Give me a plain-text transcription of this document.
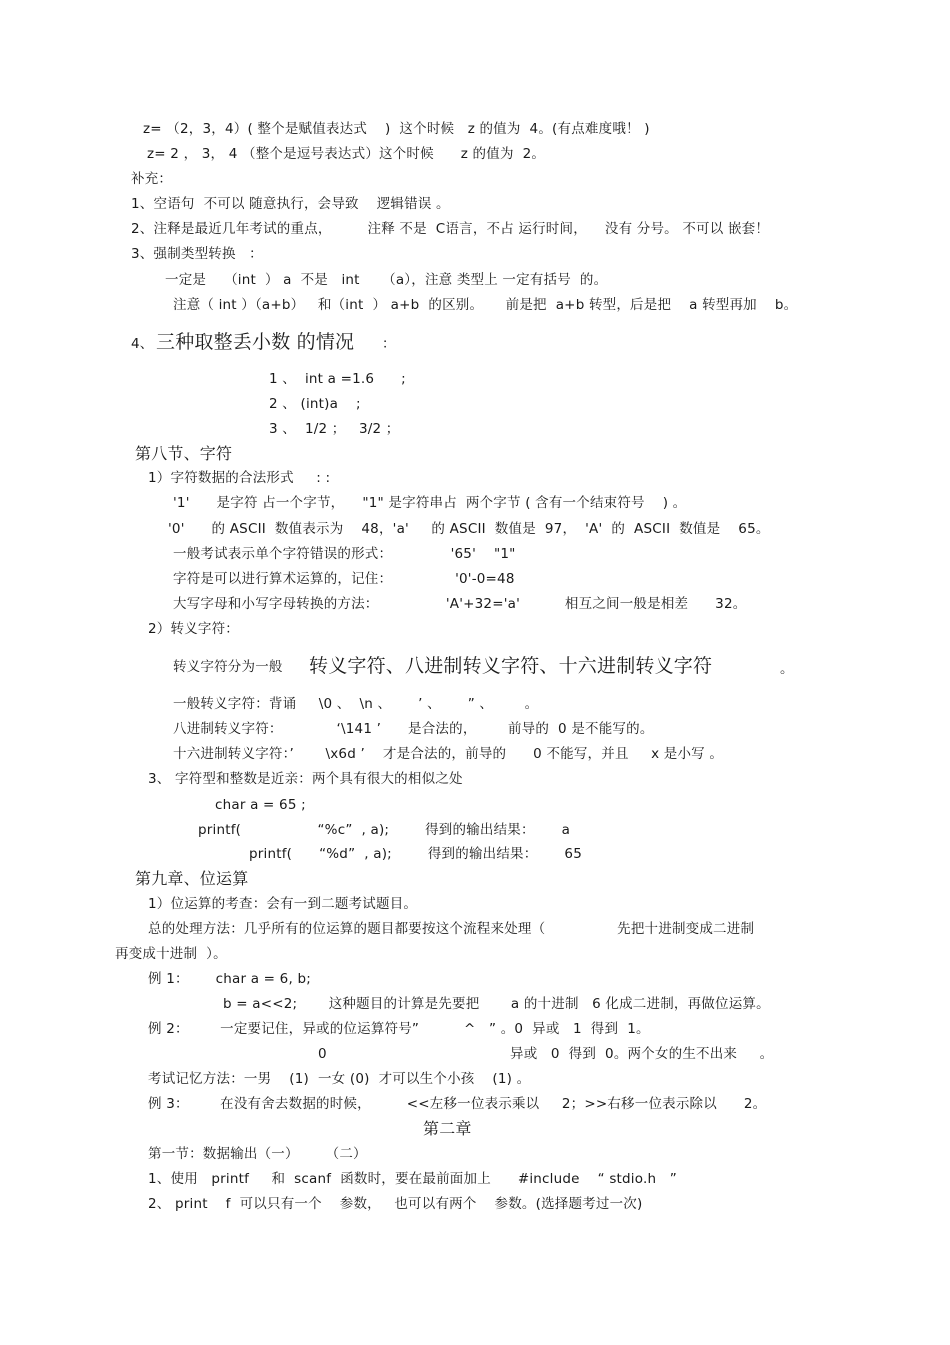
z= （2，3，4）( 整个是赋值表达式    )  这个时候   z 的值为  4。(有点难度哦！ )
z= 2 ， 3， 4 （整个是逗号表达式）这个时候      z 的值为  2。
补充：
1、空语句  不可以 随意执行，会导致    逻辑错误 。
2、注释是最近几年考试的重点，        注释 不是  C语言，不占 运行时间，    没有 分号。 不可以 嵌套！
3、强制类型转换   ：
一定是    （int  ） a  不是   int     （a），注意 类型上 一定有括号  的。
注意（ int ）（a+b）   和（int  ） a+b  的区别。     前是把  a+b 转型，后是把    a 转型再加    b。
4、 三种取整丢小数 的情况 ：
1 、  int a =1.6      ;
2 、 (int)a    ;
3 、  1/2 ；   3/2 ；
第八节、字符
1）字符数据的合法形式     : :
'1'      是字符 占一个字节，    "1" 是字符串占  两个字节 ( 含有一个结束符号    ) 。
'0'      的 ASCII  数值表示为    48，'a'     的 ASCII  数值是  97，  'A'  的  ASCII  数值是    65。
一般考试表示单个字符错误的形式：             '65'    "1"
字符是可以进行算术运算的，记住：              '0'-0=48
大写字母和小写字母转换的方法：               'A'+32='a'          相互之间一般是相差      32。
2）转义字符：
转义字符分为一般 转义字符、八进制转义字符、十六进制转义字符	。
一般转义字符：背诵     \0 、  \n 、      ’ 、      ” 、       。
八进制转义字符：            ‘\141 ’      是合法的，       前导的  0 是不能写的。
十六进制转义字符：’       \x6d ’    才是合法的，前导的      0 不能写，并且     x 是小写 。
3、 字符型和整数是近亲：两个具有很大的相似之处
char a = 65 ;
printf(                 “%c”  , a);        得到的输出结果：      a
printf(      “%d”  , a);        得到的输出结果：      65
第九章、位运算
1）位运算的考查：会有一到二题考试题目。
总的处理方法：几乎所有的位运算的题目都要按这个流程来处理（                先把十进制变成二进制
再变成十进制  ）。
例 1：      char a = 6, b;
b = a<<2;       这种题目的计算是先要把       a 的十进制   6 化成二进制，再做位运算。
例 2：       一定要记住，异或的位运算符号”          ^   ” 。0  异或   1  得到  1。
0	异或   0  得到  0。两个女的生不出来     。
考试记忆方法：一男    (1)  一女 (0)  才可以生个小孩    (1) 。
例 3：       在没有舍去数据的时候，        <<左移一位表示乘以     2；>>右移一位表示除以      2。
第二章
第一节：数据输出（一）      （二）
1、使用   printf     和  scanf  函数时，要在最前面加上      #include    “ stdio.h   ”
2、 print    f  可以只有一个    参数，   也可以有两个    参数。(选择题考过一次)
